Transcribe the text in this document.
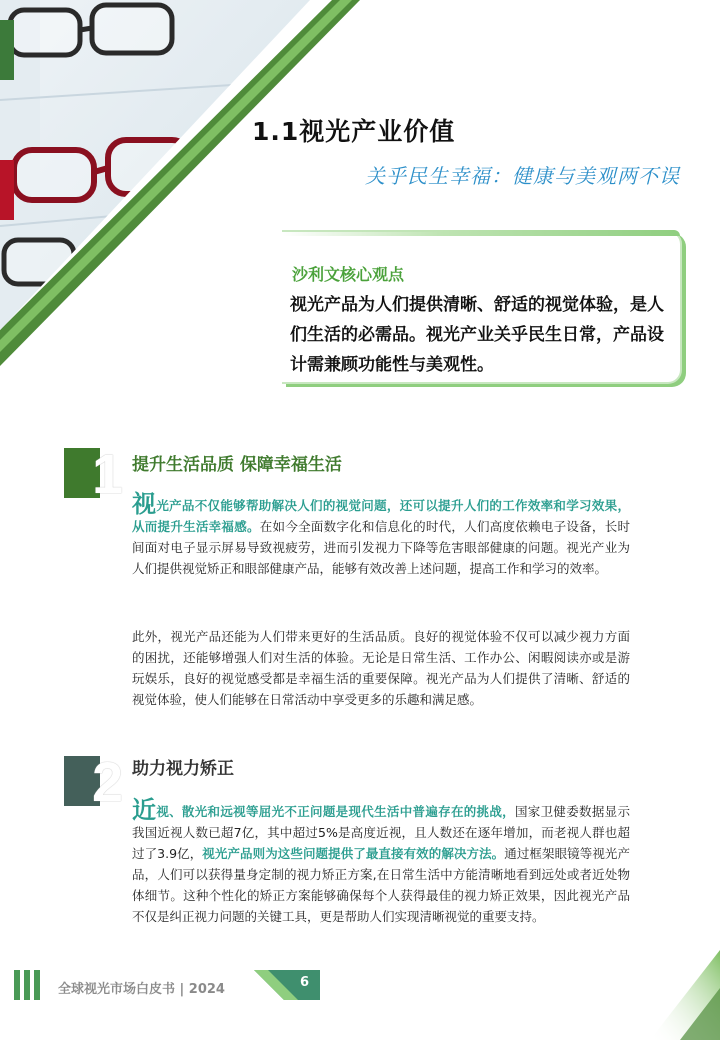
1.1视光产业价值
关乎民生幸福：健康与美观两不误
沙利文核心观点
视光产品为人们提供清晰、舒适的视觉体验，是人们生活的必需品。视光产业关乎民生日常，产品设计需兼顾功能性与美观性。
1 提升生活品质 保障幸福生活
视光产品不仅能够帮助解决人们的视觉问题，还可以提升人们的工作效率和学习效果，从而提升生活幸福感。在如今全面数字化和信息化的时代，人们高度依赖电子设备，长时间面对电子显示屏易导致视疲劳，进而引发视力下降等危害眼部健康的问题。视光产业为人们提供视觉矫正和眼部健康产品，能够有效改善上述问题，提高工作和学习的效率。
此外，视光产品还能为人们带来更好的生活品质。良好的视觉体验不仅可以减少视力方面的困扰，还能够增强人们对生活的体验。无论是日常生活、工作办公、闲暇阅读亦或是游玩娱乐，良好的视觉感受都是幸福生活的重要保障。视光产品为人们提供了清晰、舒适的视觉体验，使人们能够在日常活动中享受更多的乐趣和满足感。
2 助力视力矫正
近视、散光和远视等屈光不正问题是现代生活中普遍存在的挑战，国家卫健委数据显示我国近视人数已超7亿，其中超过5%是高度近视，且人数还在逐年增加，而老视人群也超过了3.9亿，视光产品则为这些问题提供了最直接有效的解决方法。通过框架眼镜等视光产品，人们可以获得量身定制的视力矫正方案,在日常生活中方能清晰地看到远处或者近处物体细节。这种个性化的矫正方案能够确保每个人获得最佳的视力矫正效果，因此视光产品不仅是纠正视力问题的关键工具，更是帮助人们实现清晰视觉的重要支持。
全球视光市场白皮书 | 2024	6
